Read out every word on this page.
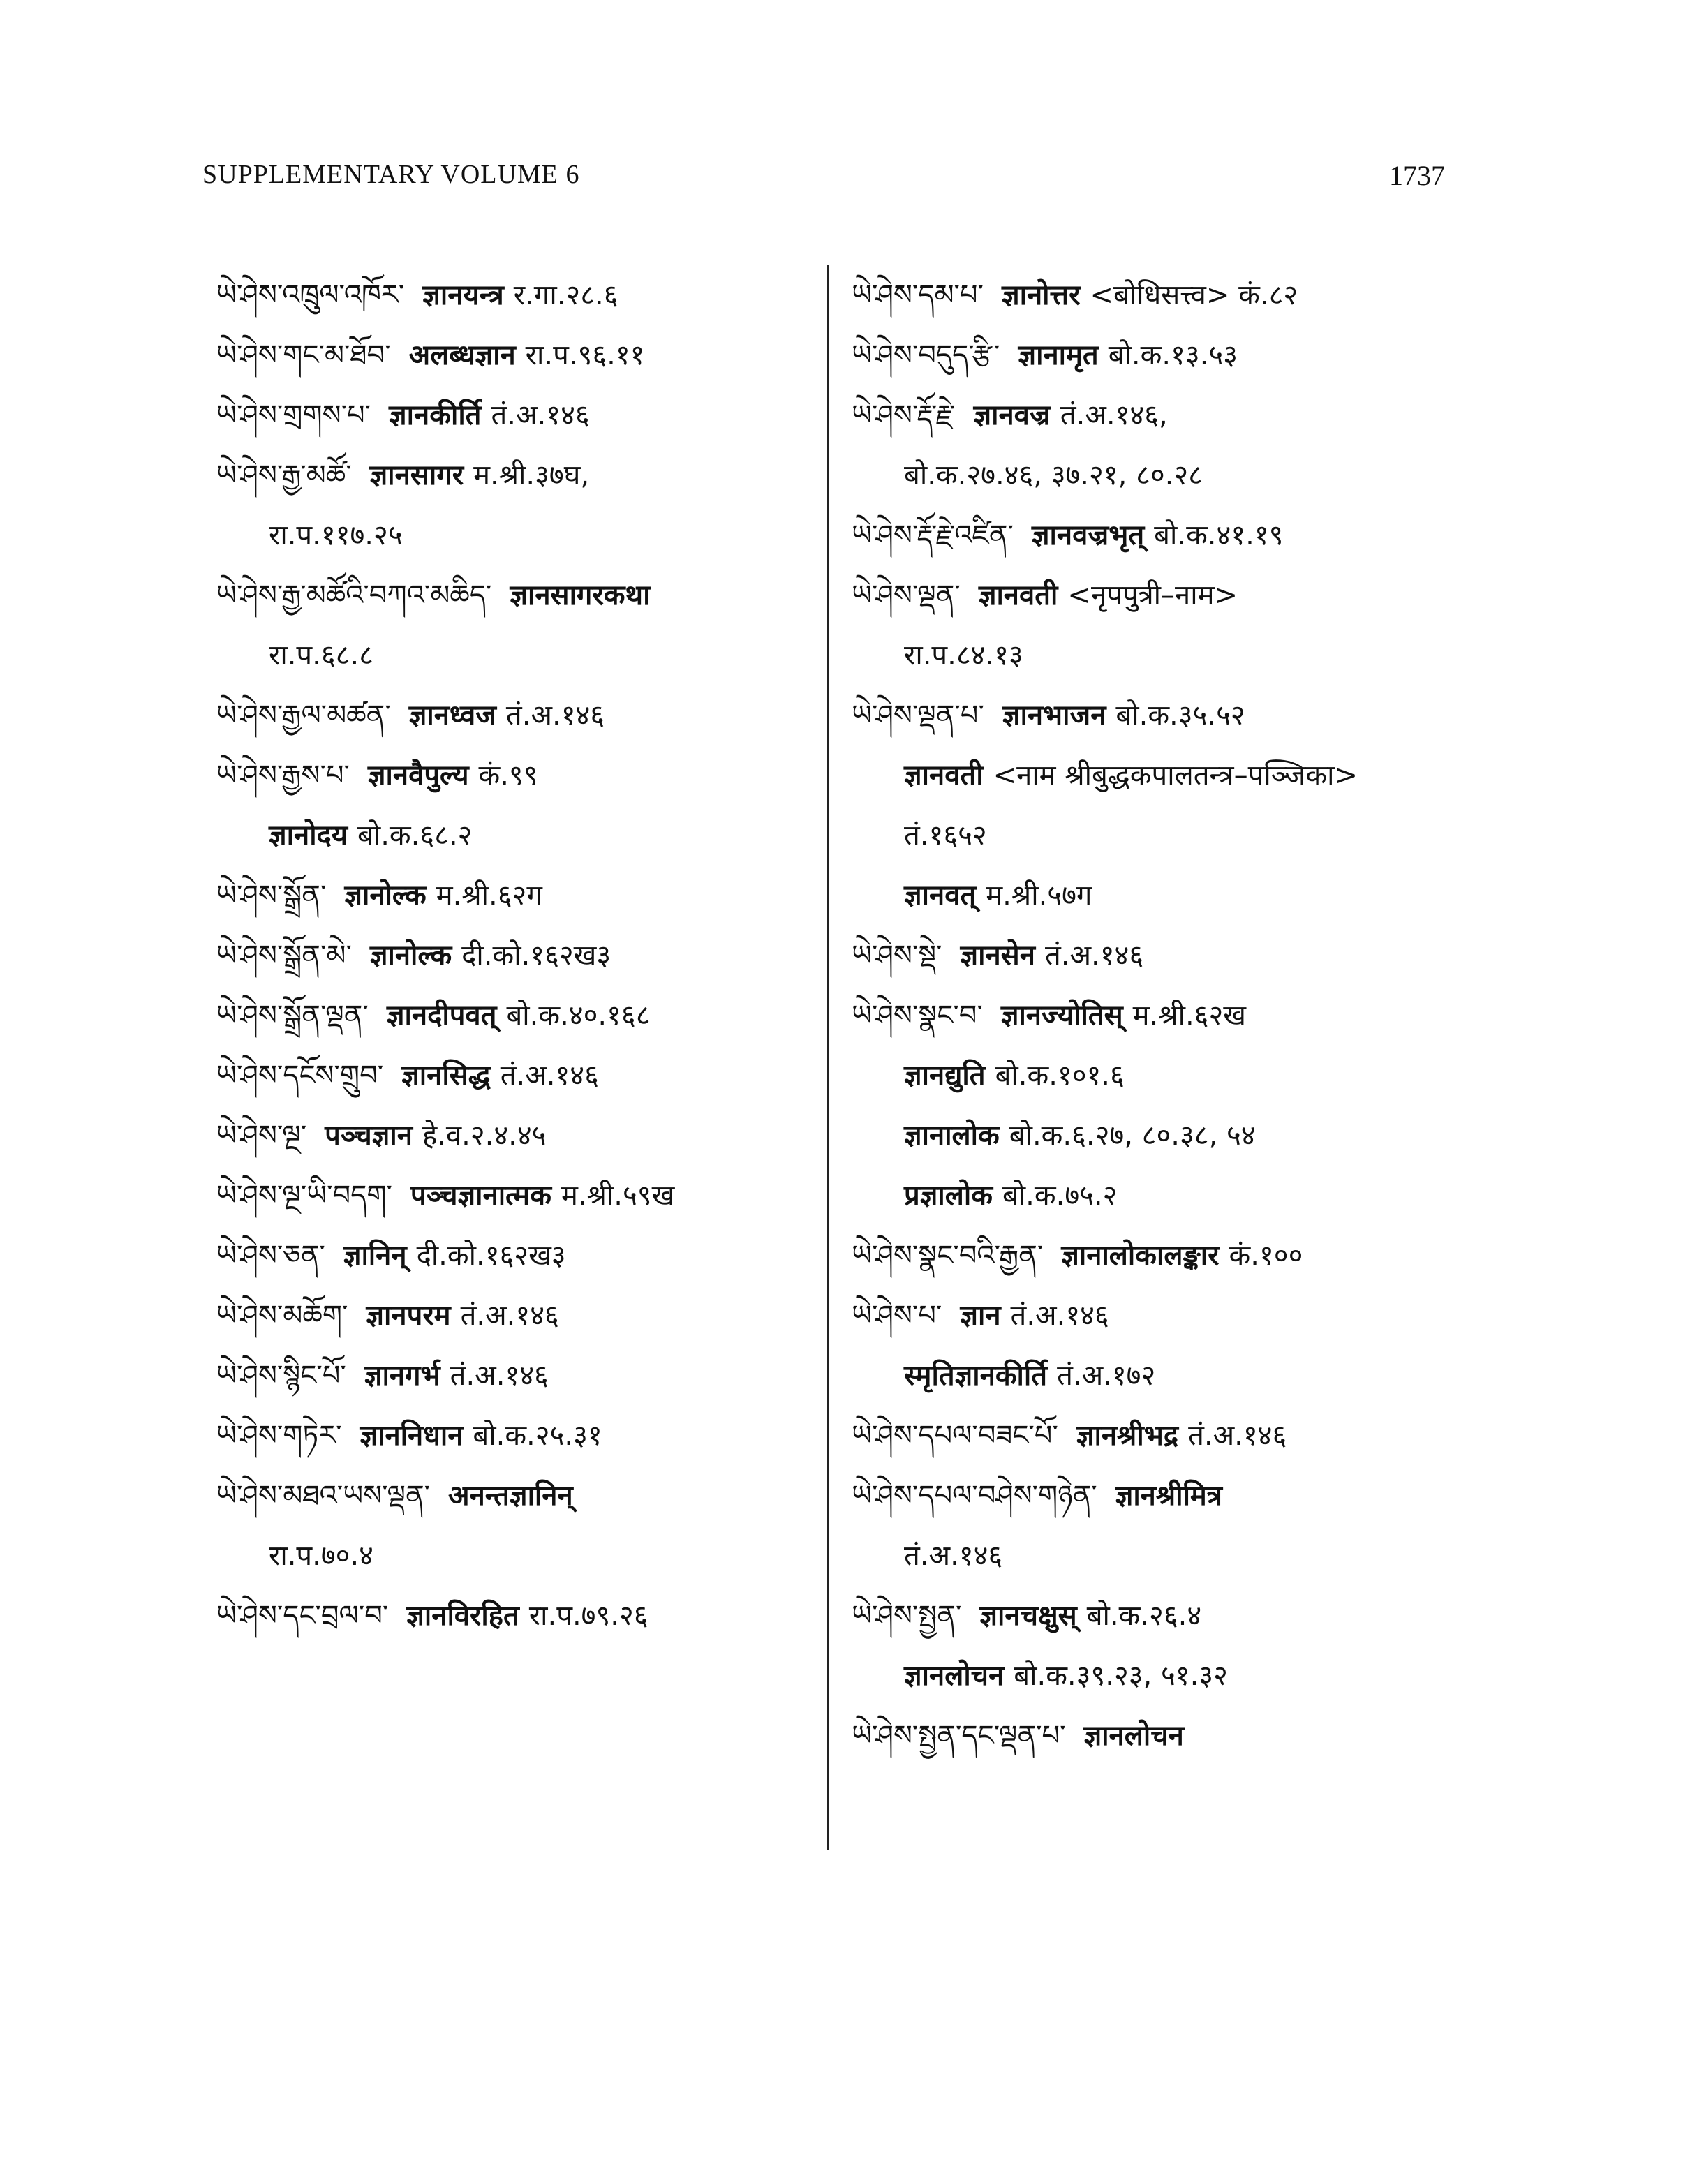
SUPPLEMENTARY VOLUME 6	1737
ཡེ་ཤེས་འཁྲུལ་འཁོར་ ज्ञानयन्त्र र.गा.२८.६
ཡེ་ཤེས་གང་མ་ཐོབ་ अलब्धज्ञान रा.प.९६.११
ཡེ་ཤེས་གྲགས་པ་ ज्ञानकीर्ति तं.अ.१४६
ཡེ་ཤེས་རྒྱ་མཚོ་ ज्ञानसागर म.श्री.३७घ,
रा.प.११७.२५
ཡེ་ཤེས་རྒྱ་མཚོའི་བཀའ་མཆིད་ ज्ञानसागरकथा
रा.प.६८.८
ཡེ་ཤེས་རྒྱལ་མཚན་ ज्ञानध्वज तं.अ.१४६
ཡེ་ཤེས་རྒྱས་པ་ ज्ञानवैपुल्य कं.९९
ज्ञानोदय बो.क.६८.२
ཡེ་ཤེས་སྒྲོན་ ज्ञानोल्क म.श्री.६२ग
ཡེ་ཤེས་སྒྲོན་མེ་ ज्ञानोल्क दी.को.१६२ख३
ཡེ་ཤེས་སྒྲོན་ལྡན་ ज्ञानदीपवत् बो.क.४०.१६८
ཡེ་ཤེས་དངོས་གྲུབ་ ज्ञानसिद्ध तं.अ.१४६
ཡེ་ཤེས་ལྔ་ पञ्चज्ञान हे.व.२.४.४५
ཡེ་ཤེས་ལྔ་ཡི་བདག་ पञ्चज्ञानात्मक म.श्री.५९ख
ཡེ་ཤེས་ཅན་ ज्ञानिन् दी.को.१६२ख३
ཡེ་ཤེས་མཆོག་ ज्ञानपरम तं.अ.१४६
ཡེ་ཤེས་སྙིང་པོ་ ज्ञानगर्भ तं.अ.१४६
ཡེ་ཤེས་གཏེར་ ज्ञाननिधान बो.क.२५.३१
ཡེ་ཤེས་མཐའ་ཡས་ལྡན་ अनन्तज्ञानिन्
रा.प.७०.४
ཡེ་ཤེས་དང་བྲལ་བ་ ज्ञानविरहित रा.प.७९.२६
ཡེ་ཤེས་དམ་པ་ ज्ञानोत्तर <बोधिसत्त्व> कं.८२
ཡེ་ཤེས་བདུད་རྩི་ ज्ञानामृत बो.क.१३.५३
ཡེ་ཤེས་རྡོ་རྗེ་ ज्ञानवज्र तं.अ.१४६,
बो.क.२७.४६, ३७.२१, ८०.२८
ཡེ་ཤེས་རྡོ་རྗེ་འཛིན་ ज्ञानवज्रभृत् बो.क.४१.१९
ཡེ་ཤེས་ལྡན་ ज्ञानवती <नृपपुत्री–नाम>
रा.प.८४.१३
ཡེ་ཤེས་ལྡན་པ་ ज्ञानभाजन बो.क.३५.५२
ज्ञानवती <नाम श्रीबुद्धकपालतन्त्र–पञ्जिका>
तं.१६५२
ज्ञानवत् म.श्री.५७ग
ཡེ་ཤེས་སྡེ་ ज्ञानसेन तं.अ.१४६
ཡེ་ཤེས་སྣང་བ་ ज्ञानज्योतिस् म.श्री.६२ख
ज्ञानद्युति बो.क.१०१.६
ज्ञानालोक बो.क.६.२७, ८०.३८, ५४
प्रज्ञालोक बो.क.७५.२
ཡེ་ཤེས་སྣང་བའི་རྒྱན་ ज्ञानालोकालङ्कार कं.१००
ཡེ་ཤེས་པ་ ज्ञान तं.अ.१४६
स्मृतिज्ञानकीर्ति तं.अ.१७२
ཡེ་ཤེས་དཔལ་བཟང་པོ་ ज्ञानश्रीभद्र तं.अ.१४६
ཡེ་ཤེས་དཔལ་བཤེས་གཉེན་ ज्ञानश्रीमित्र
तं.अ.१४६
ཡེ་ཤེས་སྤྱན་ ज्ञानचक्षुस् बो.क.२६.४
ज्ञानलोचन बो.क.३९.२३, ५१.३२
ཡེ་ཤེས་སྤྱན་དང་ལྡན་པ་ ज्ञानलोचन
